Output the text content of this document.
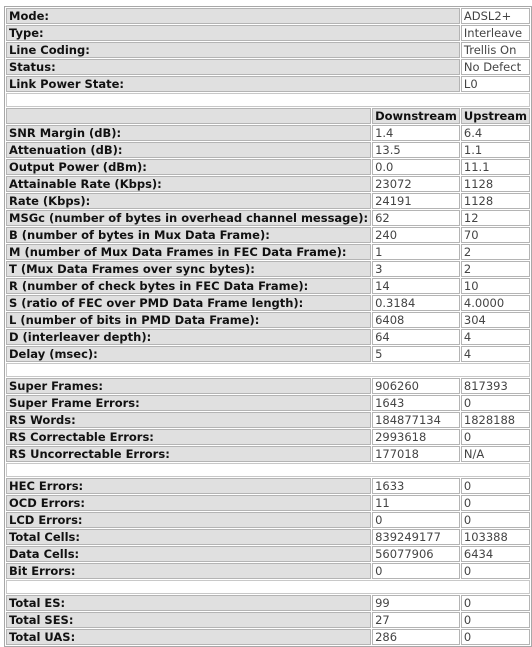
Mode:		ADSL2+
Type:		Interleave
Line Coding:		Trellis On
Status:		No Defect
Link Power State:		L0

	Downstream	Upstream
SNR Margin (dB):	1.4	6.4
Attenuation (dB):	13.5	1.1
Output Power (dBm):	0.0	11.1
Attainable Rate (Kbps):	23072	1128
Rate (Kbps):	24191	1128
MSGc (number of bytes in overhead channel message):	62	12
B (number of bytes in Mux Data Frame):	240	70
M (number of Mux Data Frames in FEC Data Frame):	1	2
T (Mux Data Frames over sync bytes):	3	2
R (number of check bytes in FEC Data Frame):	14	10
S (ratio of FEC over PMD Data Frame length):	0.3184	4.0000
L (number of bits in PMD Data Frame):	6408	304
D (interleaver depth):	64	4
Delay (msec):	5	4

Super Frames:	906260	817393
Super Frame Errors:	1643	0
RS Words:	184877134	1828188
RS Correctable Errors:	2993618	0
RS Uncorrectable Errors:	177018	N/A

HEC Errors:	1633	0
OCD Errors:	11	0
LCD Errors:	0	0
Total Cells:	839249177	103388
Data Cells:	56077906	6434
Bit Errors:	0	0

Total ES:	99	0
Total SES:	27	0
Total UAS:	286	0
